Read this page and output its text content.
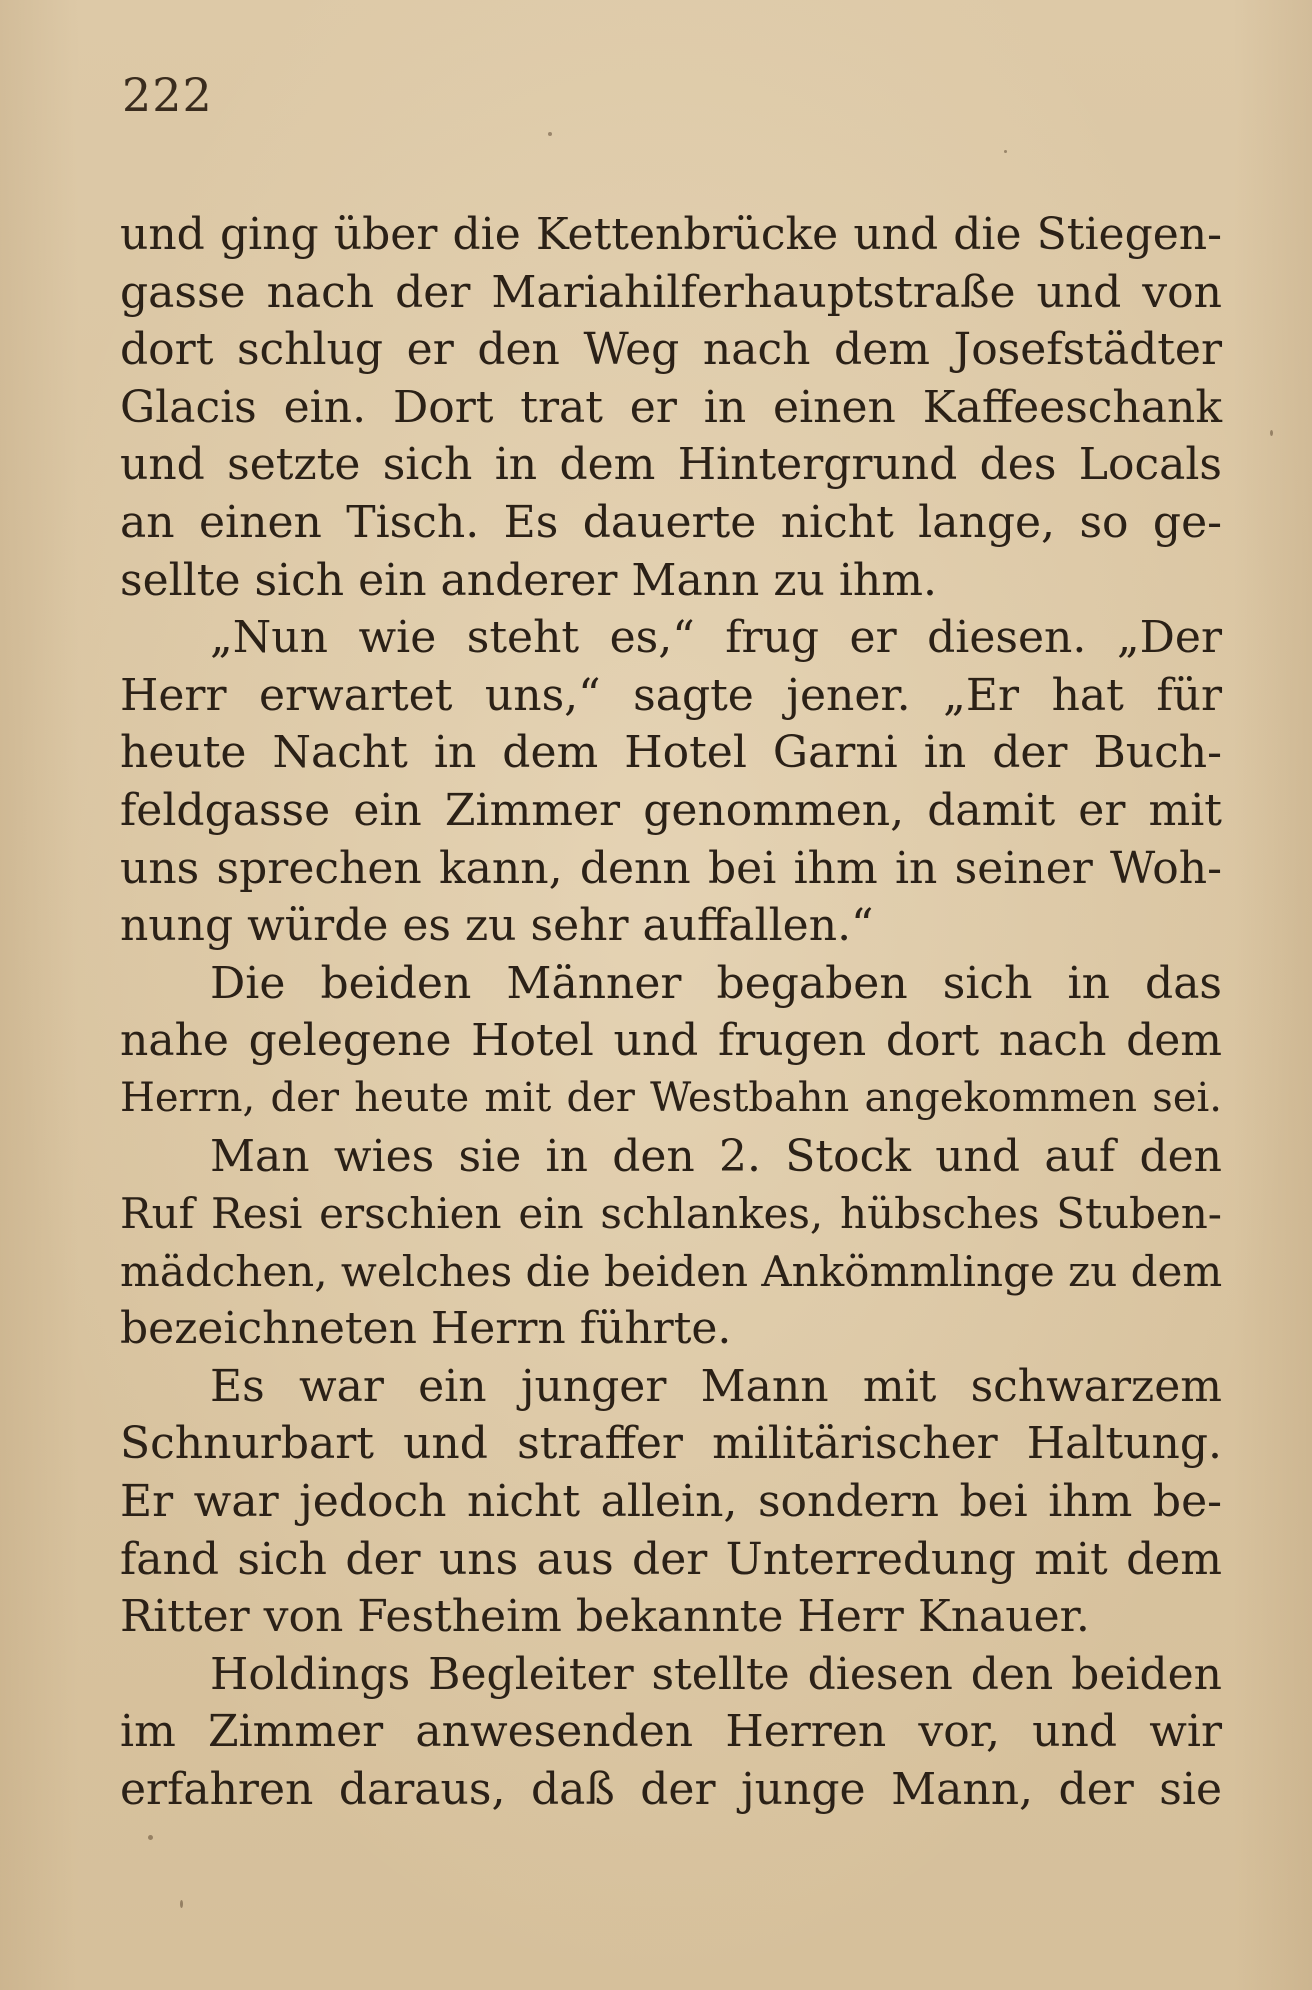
222

und ging über die Kettenbrücke und die Stiegen-
gasse nach der Mariahilferhauptstraße und von
dort schlug er den Weg nach dem Josefstädter
Glacis ein. Dort trat er in einen Kaffeeschank
und setzte sich in dem Hintergrund des Locals
an einen Tisch. Es dauerte nicht lange, so ge-
sellte sich ein anderer Mann zu ihm.
„Nun wie steht es,“ frug er diesen. „Der
Herr erwartet uns,“ sagte jener. „Er hat für
heute Nacht in dem Hotel Garni in der Buch-
feldgasse ein Zimmer genommen, damit er mit
uns sprechen kann, denn bei ihm in seiner Woh-
nung würde es zu sehr auffallen.“
Die beiden Männer begaben sich in das
nahe gelegene Hotel und frugen dort nach dem
Herrn, der heute mit der Westbahn angekommen sei.
Man wies sie in den 2. Stock und auf den
Ruf Resi erschien ein schlankes, hübsches Stuben-
mädchen, welches die beiden Ankömmlinge zu dem
bezeichneten Herrn führte.
Es war ein junger Mann mit schwarzem
Schnurbart und straffer militärischer Haltung.
Er war jedoch nicht allein, sondern bei ihm be-
fand sich der uns aus der Unterredung mit dem
Ritter von Festheim bekannte Herr Knauer.
Holdings Begleiter stellte diesen den beiden
im Zimmer anwesenden Herren vor, und wir
erfahren daraus, daß der junge Mann, der sie
